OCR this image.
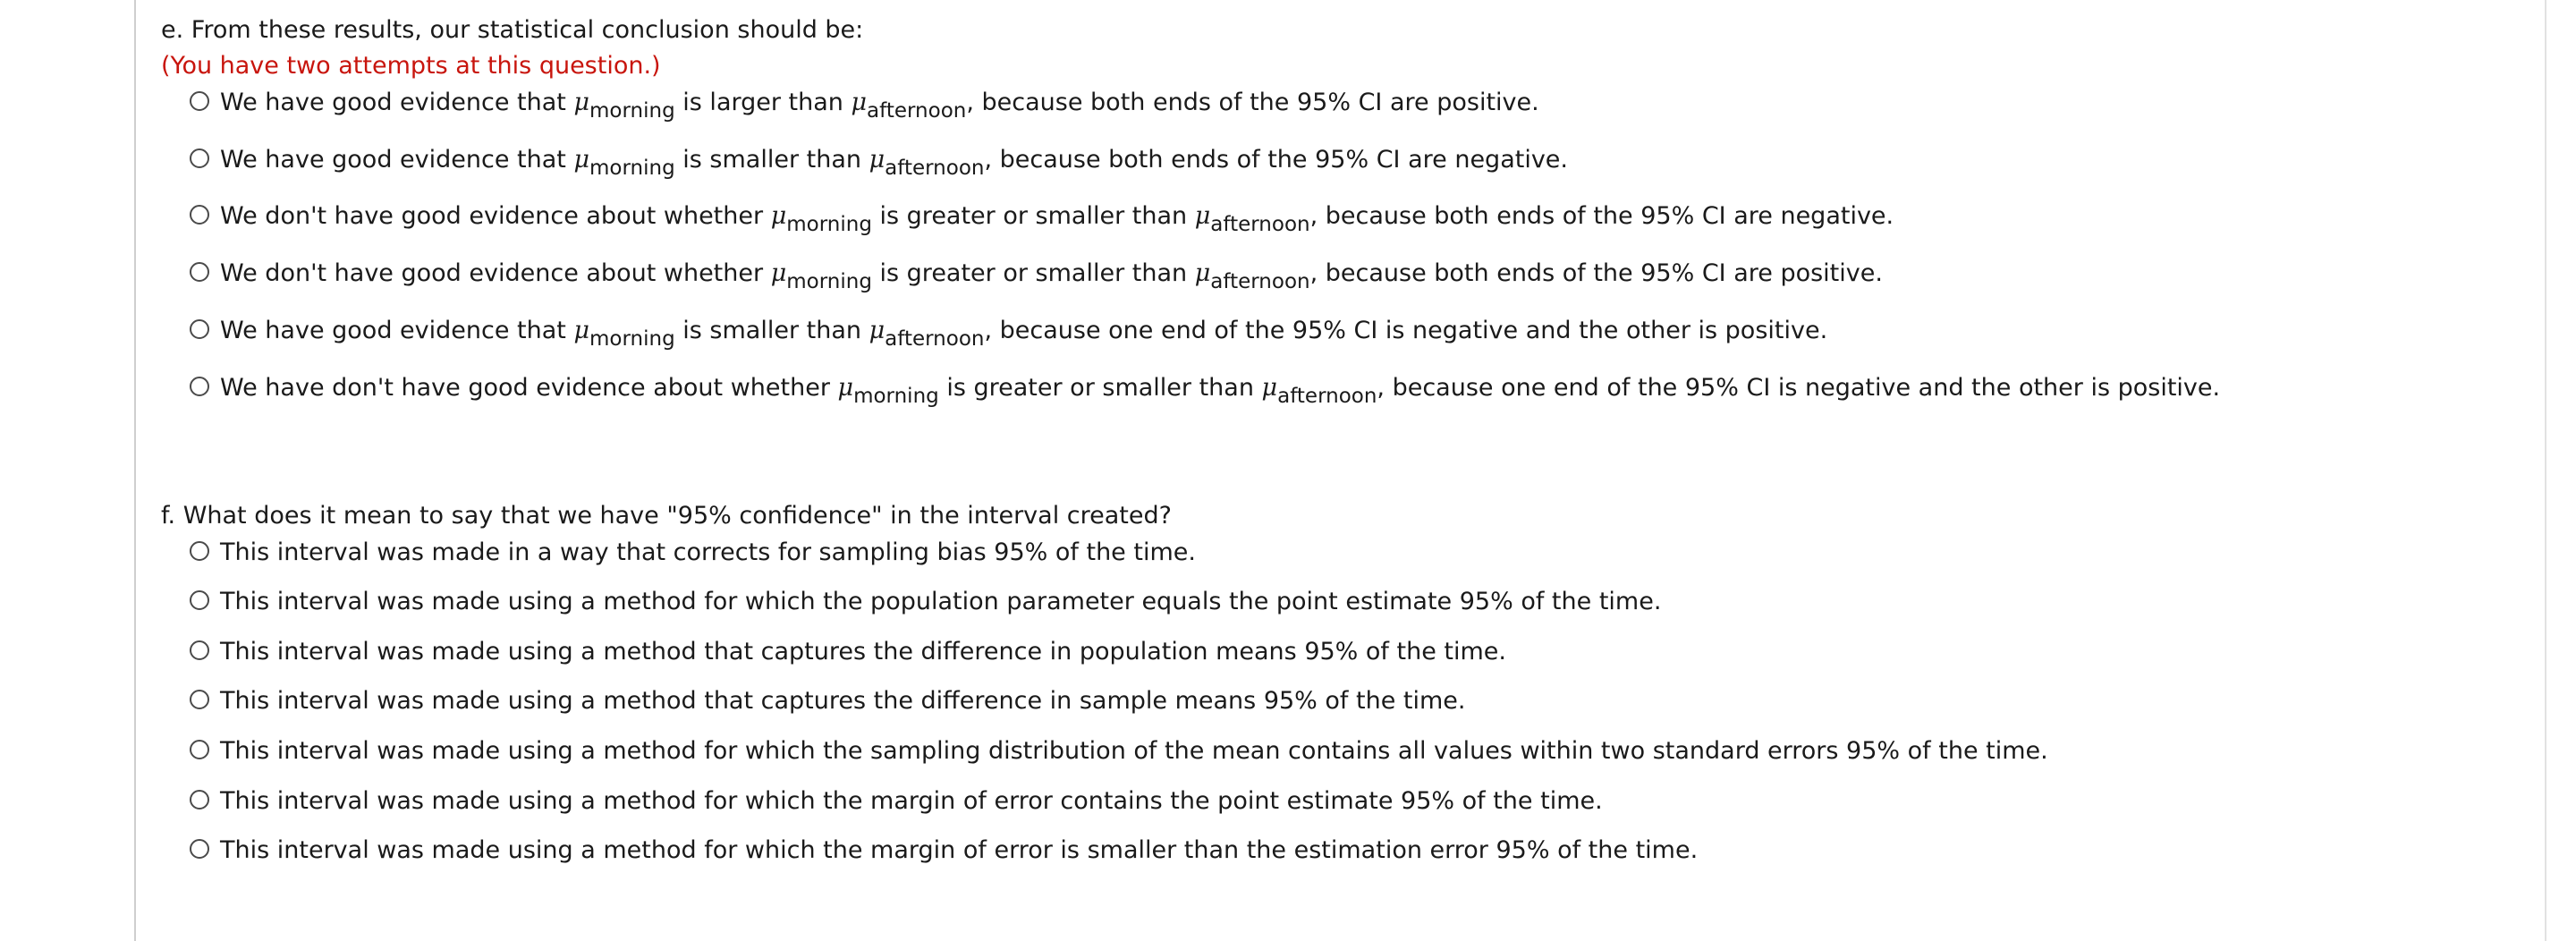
e. From these results, our statistical conclusion should be:
(You have two attempts at this question.)
We have good evidence that μmorning is larger than μafternoon, because both ends of the 95% CI are positive.
We have good evidence that μmorning is smaller than μafternoon, because both ends of the 95% CI are negative.
We don't have good evidence about whether μmorning is greater or smaller than μafternoon, because both ends of the 95% CI are negative.
We don't have good evidence about whether μmorning is greater or smaller than μafternoon, because both ends of the 95% CI are positive.
We have good evidence that μmorning is smaller than μafternoon, because one end of the 95% CI is negative and the other is positive.
We have don't have good evidence about whether μmorning is greater or smaller than μafternoon, because one end of the 95% CI is negative and the other is positive.
f. What does it mean to say that we have "95% confidence" in the interval created?
This interval was made in a way that corrects for sampling bias 95% of the time.
This interval was made using a method for which the population parameter equals the point estimate 95% of the time.
This interval was made using a method that captures the difference in population means 95% of the time.
This interval was made using a method that captures the difference in sample means 95% of the time.
This interval was made using a method for which the sampling distribution of the mean contains all values within two standard errors 95% of the time.
This interval was made using a method for which the margin of error contains the point estimate 95% of the time.
This interval was made using a method for which the margin of error is smaller than the estimation error 95% of the time.
